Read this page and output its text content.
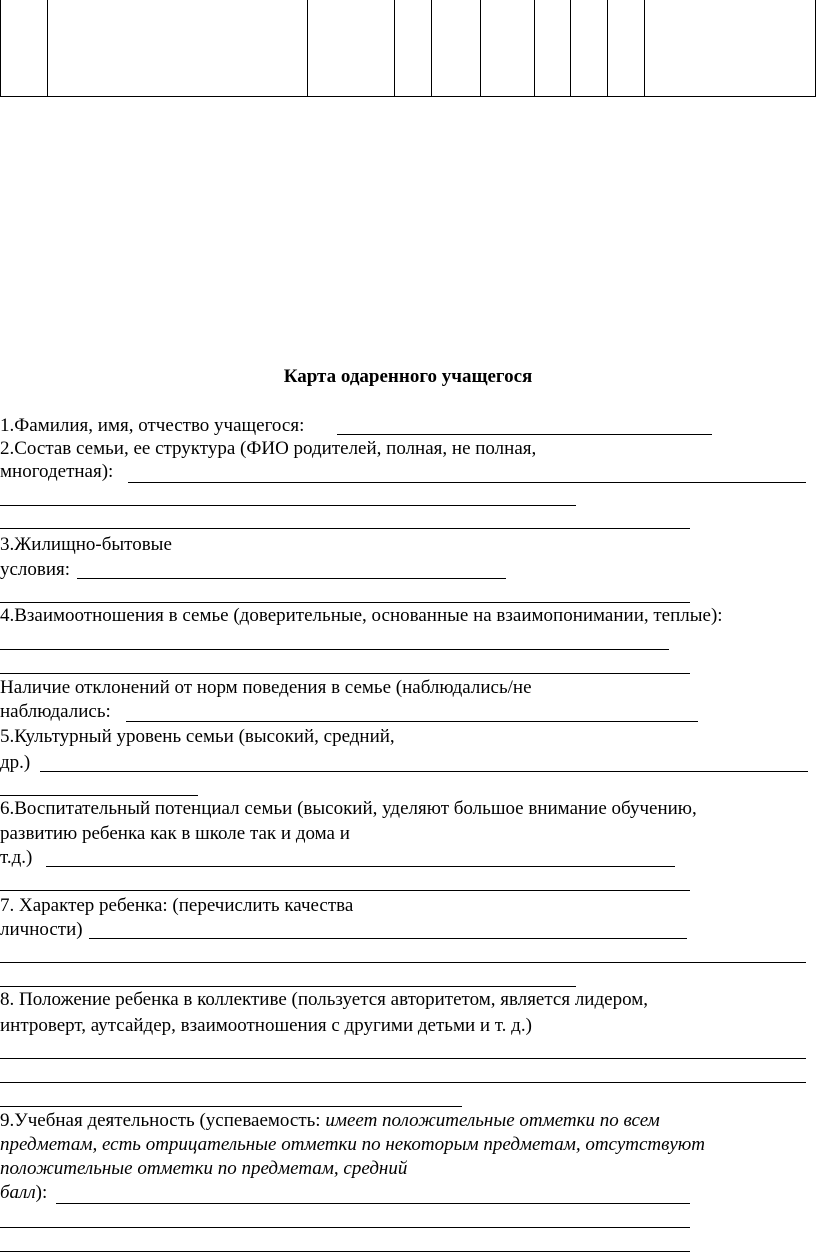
Карта одаренного учащегося
1.Фамилия, имя, отчество учащегося:
2.Состав семьи, ее структура (ФИО родителей, полная, не полная,
многодетная):
3.Жилищно-бытовые
условия:
4.Взаимоотношения в семье (доверительные, основанные на взаимопонимании, теплые):
Наличие отклонений от норм поведения в семье (наблюдались/не
наблюдались:
5.Культурный уровень семьи (высокий, средний,
др.)
6.Воспитательный потенциал семьи (высокий, уделяют большое внимание обучению,
развитию ребенка как в школе так и дома и
т.д.)
7. Характер ребенка: (перечислить качества
личности)
8. Положение ребенка в коллективе (пользуется авторитетом, является лидером,
интроверт, аутсайдер, взаимоотношения с другими детьми и т. д.)
9.Учебная деятельность (успеваемость: имеет положительные отметки по всем
предметам, есть отрицательные отметки по некоторым предметам, отсутствуют
положительные отметки по предметам, средний
балл):
